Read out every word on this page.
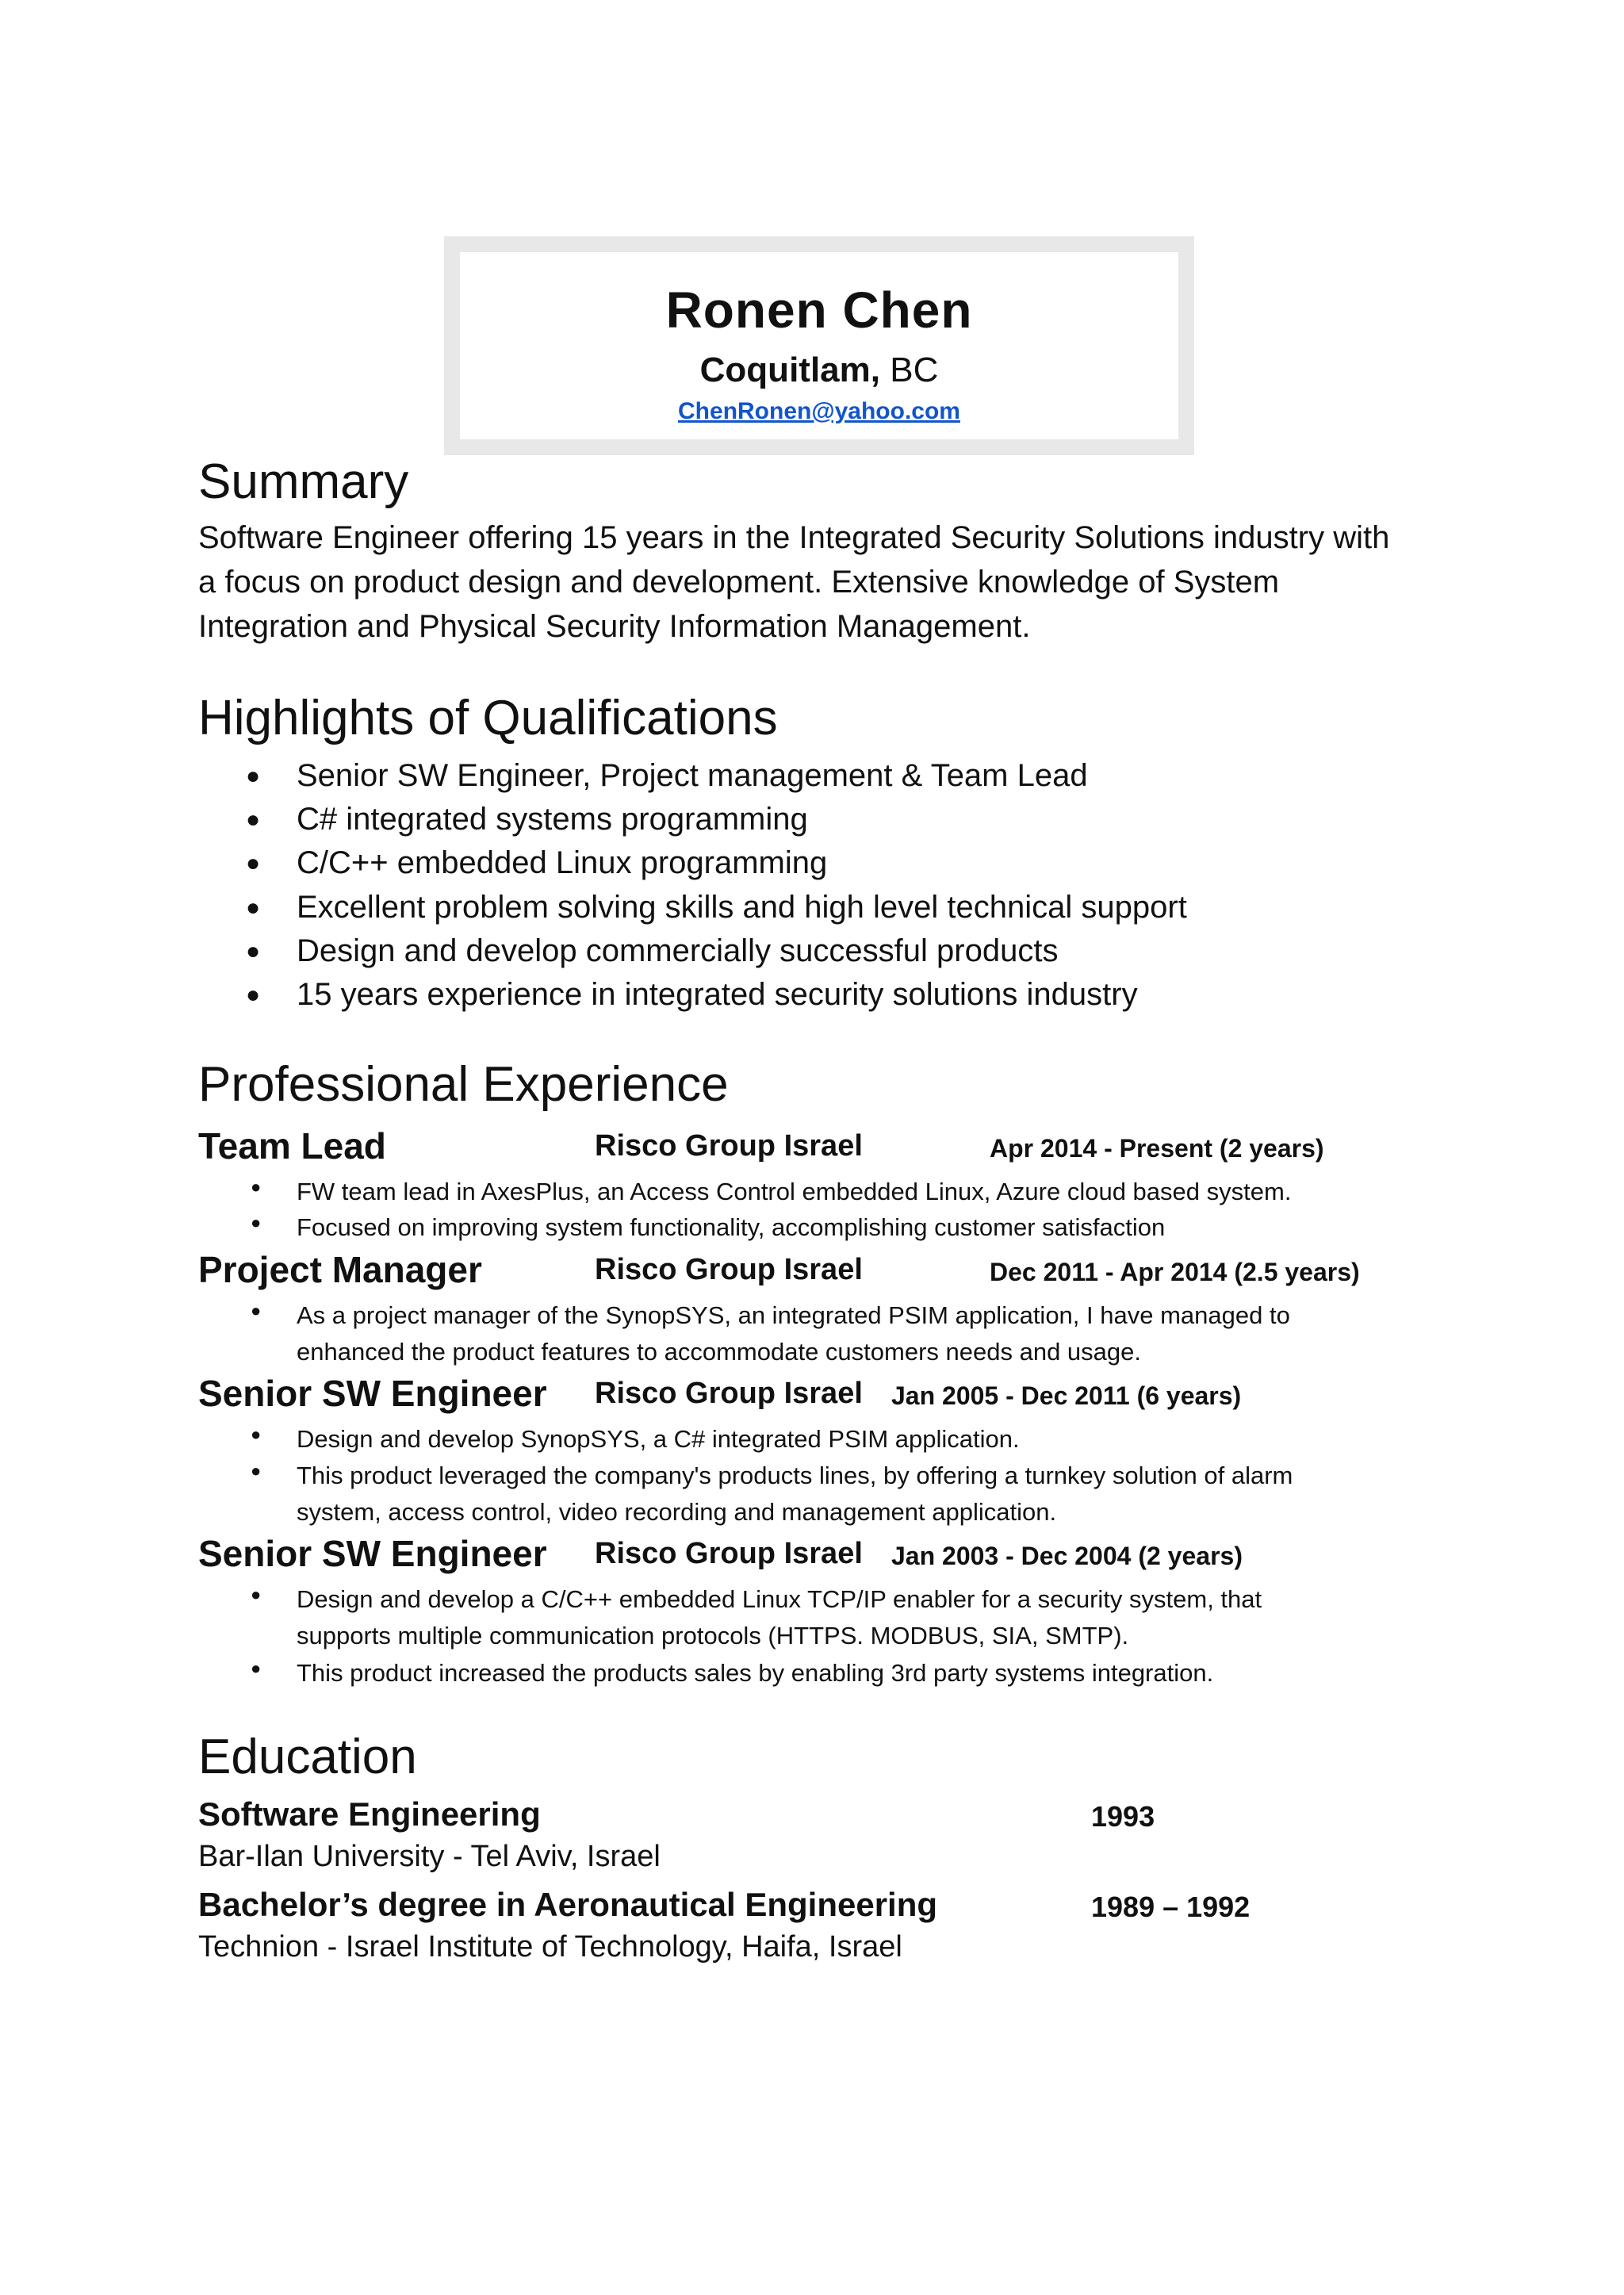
Ronen Chen
Coquitlam, BC
ChenRonen@yahoo.com
Summary
Software Engineer offering 15 years in the Integrated Security Solutions industry with
a focus on product design and development. Extensive knowledge of System
Integration and Physical Security Information Management.
Highlights of Qualifications
● Senior SW Engineer, Project management & Team Lead
● C# integrated systems programming
● C/C++ embedded Linux programming
● Excellent problem solving skills and high level technical support
● Design and develop commercially successful products
● 15 years experience in integrated security solutions industry
Professional Experience
Team Lead	Risco Group Israel	Apr 2014 - Present (2 years)
● FW team lead in AxesPlus, an Access Control embedded Linux, Azure cloud based system.
● Focused on improving system functionality, accomplishing customer satisfaction
Project Manager	Risco Group Israel	Dec 2011 - Apr 2014 (2.5 years)
● As a project manager of the SynopSYS, an integrated PSIM application, I have managed to
enhanced the product features to accommodate customers needs and usage.
Senior SW Engineer Risco Group Israel Jan 2005 - Dec 2011 (6 years)
● Design and develop SynopSYS, a C# integrated PSIM application.
● This product leveraged the company's products lines, by offering a turnkey solution of alarm
system, access control, video recording and management application.
Senior SW Engineer Risco Group Israel Jan 2003 - Dec 2004 (2 years)
● Design and develop a C/C++ embedded Linux TCP/IP enabler for a security system, that
supports multiple communication protocols (HTTPS. MODBUS, SIA, SMTP).
● This product increased the products sales by enabling 3rd party systems integration.
Education
Software Engineering	1993
Bar-Ilan University - Tel Aviv, Israel
Bachelor’s degree in Aeronautical Engineering	1989 – 1992
Technion - Israel Institute of Technology, Haifa, Israel
